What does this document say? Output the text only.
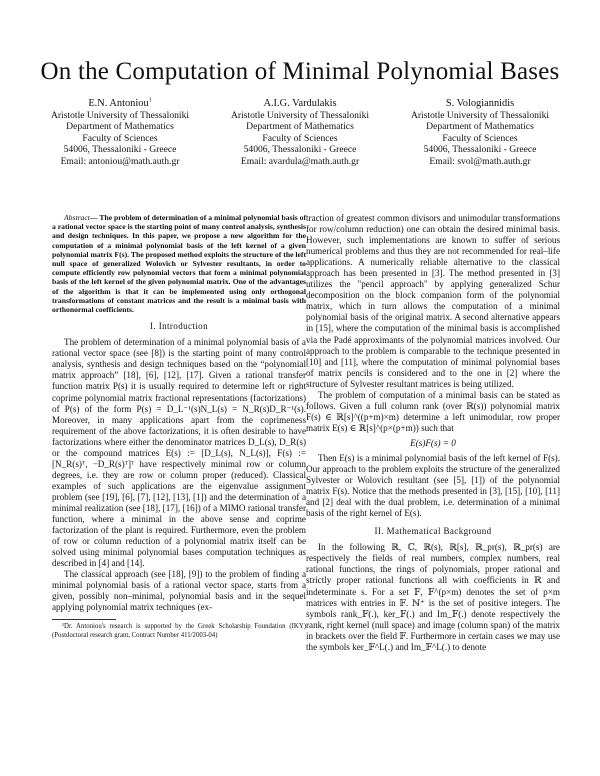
On the Computation of Minimal Polynomial Bases
E.N. Antoniou$^1$
Aristotle University of Thessaloniki
Department of Mathematics
Faculty of Sciences
54006, Thessaloniki - Greece
Email: antoniou@math.auth.gr
A.I.G. Vardulakis
Aristotle University of Thessaloniki
Department of Mathematics
Faculty of Sciences
54006, Thessaloniki - Greece
Email: avardula@math.auth.gr
S. Vologiannidis
Aristotle University of Thessaloniki
Department of Mathematics
Faculty of Sciences
54006, Thessaloniki - Greece
Email: svol@math.auth.gr

Abstract— The problem of determination of a minimal polynomial basis of a rational vector space is the starting point of many control analysis, synthesis and design techniques. In this paper, we propose a new algorithm for the computation of a minimal polynomial basis of the left kernel of a given polynomial matrix F(s). The proposed method exploits the structure of the left null space of generalized Wolovich or Sylvester resultants, in order to compute efficiently row polynomial vectors that form a minimal polynomial basis of the left kernel of the given polynomial matrix. One of the advantages of the algorithm is that it can be implemented using only orthogonal transformations of constant matrices and the result is a minimal basis with orthonormal coefficients.

I. Introduction

The problem of determination of a minimal polynomial basis of a rational vector space (see [8]) is the starting point of many control analysis, synthesis and design techniques based on the “polynomial matrix approach” [18], [6], [12], [17]. Given a rational transfer function matrix P(s) it is usually required to determine left or right coprime polynomial matrix fractional representations (factorizations) of P(s) of the form P(s) = D_L⁻¹(s)N_L(s) = N_R(s)D_R⁻¹(s). Moreover, in many applications apart from the coprimeness requirement of the above factorizations, it is often desirable to have factorizations where either the denominator matrices D_L(s), D_R(s) or the compound matrices E(s) := [D_L(s), N_L(s)], F(s) := [N_R(s)ᵀ, −D_R(s)ᵀ]ᵀ have respectively minimal row or column degrees, i.e. they are row or column proper (reduced). Classical examples of such applications are the eigenvalue assignment problem (see [19], [6], [7], [12], [13], [1]) and the determination of a minimal realization (see [18], [17], [16]) of a MIMO rational transfer function, where a minimal in the above sense and coprime factorization of the plant is required. Furthermore, even the problem of row or column reduction of a polynomial matrix itself can be solved using minimal polynomial bases computation techniques as described in [4] and [14].

The classical approach (see [18], [9]) to the problem of finding a minimal polynomial basis of a rational vector space, starts from a given, possibly non–minimal, polynomial basis and in the sequel applying polynomial matrix techniques (ex-

¹Dr. Antoniou's research is supported by the Greek Scholarship Foundation (IKY) (Postdoctoral research grant, Contract Number 411/2003-04)

traction of greatest common divisors and unimodular transformations for row/column reduction) one can obtain the desired minimal basis. However, such implementations are known to suffer of serious numerical problems and thus they are not recommended for real–life applications. A numerically reliable alternative to the classical approach has been presented in [3]. The method presented in [3] utilizes the "pencil approach" by applying generalized Schur decomposition on the block companion form of the polynomial matrix, which in turn allows the computation of a minimal polynomial basis of the original matrix. A second alternative appears in [15], where the computation of the minimal basis is accomplished via the Padé approximants of the polynomial matrices involved. Our approach to the problem is comparable to the technique presented in [10] and [11], where the computation of minimal polynomial bases of matrix pencils is considered and to the one in [2] where the structure of Sylvester resultant matrices is being utilized.

The problem of computation of a minimal basis can be stated as follows. Given a full column rank (over ℝ(s)) polynomial matrix F(s) ∈ ℝ[s]^((p+m)×m) determine a left unimodular, row proper matrix E(s) ∈ ℝ[s]^(p×(p+m)) such that

E(s)F(s) = 0

Then E(s) is a minimal polynomial basis of the left kernel of F(s). Our approach to the problem exploits the structure of the generalized Sylvester or Wolovich resultant (see [5], [1]) of the polynomial matrix F(s). Notice that the methods presented in [3], [15], [10], [11] and [2] deal with the dual problem, i.e. determination of a minimal basis of the right kernel of E(s).

II. Mathematical Background

In the following ℝ, ℂ, ℝ(s), ℝ[s], ℝ_pr(s), ℝ_pr(s) are respectively the fields of real numbers, complex numbers, real rational functions, the rings of polynomials, proper rational and strictly proper rational functions all with coefficients in ℝ and indeterminate s. For a set 𝔽, 𝔽^(p×m) denotes the set of p×m matrices with entries in 𝔽. ℕ⁺ is the set of positive integers. The symbols rank_𝔽(.), ker_𝔽(.) and Im_𝔽(.) denote respectively the rank, right kernel (null space) and image (column span) of the matrix in brackets over the field 𝔽. Furthermore in certain cases we may use the symbols ker_𝔽^L(.) and Im_𝔽^L(.) to denote
